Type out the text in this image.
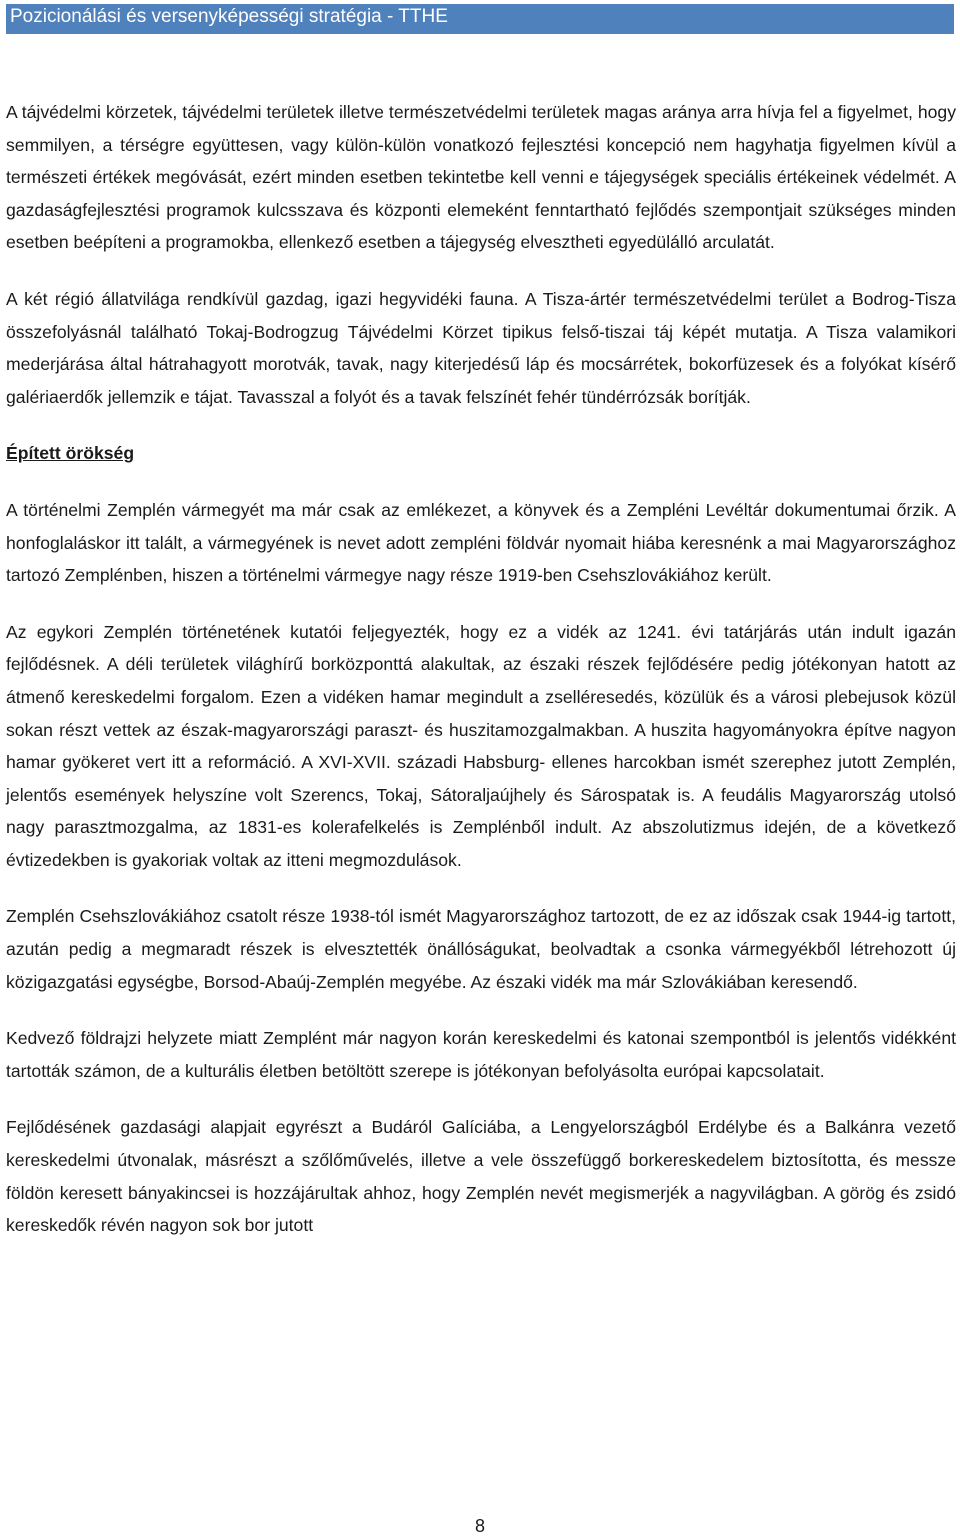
Pozicionálási és versenyképességi stratégia - TTHE

A tájvédelmi körzetek, tájvédelmi területek illetve természetvédelmi területek magas aránya arra hívja fel a figyelmet, hogy semmilyen, a térségre együttesen, vagy külön-külön vonatkozó fejlesztési koncepció nem hagyhatja figyelmen kívül a természeti értékek megóvását, ezért minden esetben tekintetbe kell venni e tájegységek speciális értékeinek védelmét. A gazdaságfejlesztési programok kulcsszava és központi elemeként fenntartható fejlődés szempontjait szükséges minden esetben beépíteni a programokba, ellenkező esetben a tájegység elvesztheti egyedülálló arculatát.

A két régió állatvilága rendkívül gazdag, igazi hegyvidéki fauna. A Tisza-ártér természetvédelmi terület a Bodrog-Tisza összefolyásnál található Tokaj-Bodrogzug Tájvédelmi Körzet tipikus felső-tiszai táj képét mutatja. A Tisza valamikori mederjárása által hátrahagyott morotvák, tavak, nagy kiterjedésű láp és mocsárrétek, bokorfüzesek és a folyókat kísérő galériaerdők jellemzik e tájat. Tavasszal a folyót és a tavak felszínét fehér tündérrózsák borítják.

Épített örökség

A történelmi Zemplén vármegyét ma már csak az emlékezet, a könyvek és a Zempléni Levéltár dokumentumai őrzik. A honfoglaláskor itt talált, a vármegyének is nevet adott zempléni földvár nyomait hiába keresnénk a mai Magyarországhoz tartozó Zemplénben, hiszen a történelmi vármegye nagy része 1919-ben Csehszlovákiához került.

Az egykori Zemplén történetének kutatói feljegyezték, hogy ez a vidék az 1241. évi tatárjárás után indult igazán fejlődésnek. A déli területek világhírű borközponttá alakultak, az északi részek fejlődésére pedig jótékonyan hatott az átmenő kereskedelmi forgalom. Ezen a vidéken hamar megindult a zselléresedés, közülük és a városi plebejusok közül sokan részt vettek az észak-magyarországi paraszt- és huszitamozgalmakban. A huszita hagyományokra építve nagyon hamar gyökeret vert itt a reformáció. A XVI-XVII. századi Habsburg- ellenes harcokban ismét szerephez jutott Zemplén, jelentős események helyszíne volt Szerencs, Tokaj, Sátoraljaújhely és Sárospatak is. A feudális Magyarország utolsó nagy parasztmozgalma, az 1831-es kolerafelkelés is Zemplénből indult. Az abszolutizmus idején, de a következő évtizedekben is gyakoriak voltak az itteni megmozdulások.

Zemplén Csehszlovákiához csatolt része 1938-tól ismét Magyarországhoz tartozott, de ez az időszak csak 1944-ig tartott, azután pedig a megmaradt részek is elvesztették önállóságukat, beolvadtak a csonka vármegyékből létrehozott új közigazgatási egységbe, Borsod-Abaúj-Zemplén megyébe. Az északi vidék ma már Szlovákiában keresendő.

Kedvező földrajzi helyzete miatt Zemplént már nagyon korán kereskedelmi és katonai szempontból is jelentős vidékként tartották számon, de a kulturális életben betöltött szerepe is jótékonyan befolyásolta európai kapcsolatait.

Fejlődésének gazdasági alapjait egyrészt a Budáról Galíciába, a Lengyelországból Erdélybe és a Balkánra vezető kereskedelmi útvonalak, másrészt a szőlőművelés, illetve a vele összefüggő borkereskedelem biztosította, és messze földön keresett bányakincsei is hozzájárultak ahhoz, hogy Zemplén nevét megismerjék a nagyvilágban. A görög és zsidó kereskedők révén nagyon sok bor jutott

8
